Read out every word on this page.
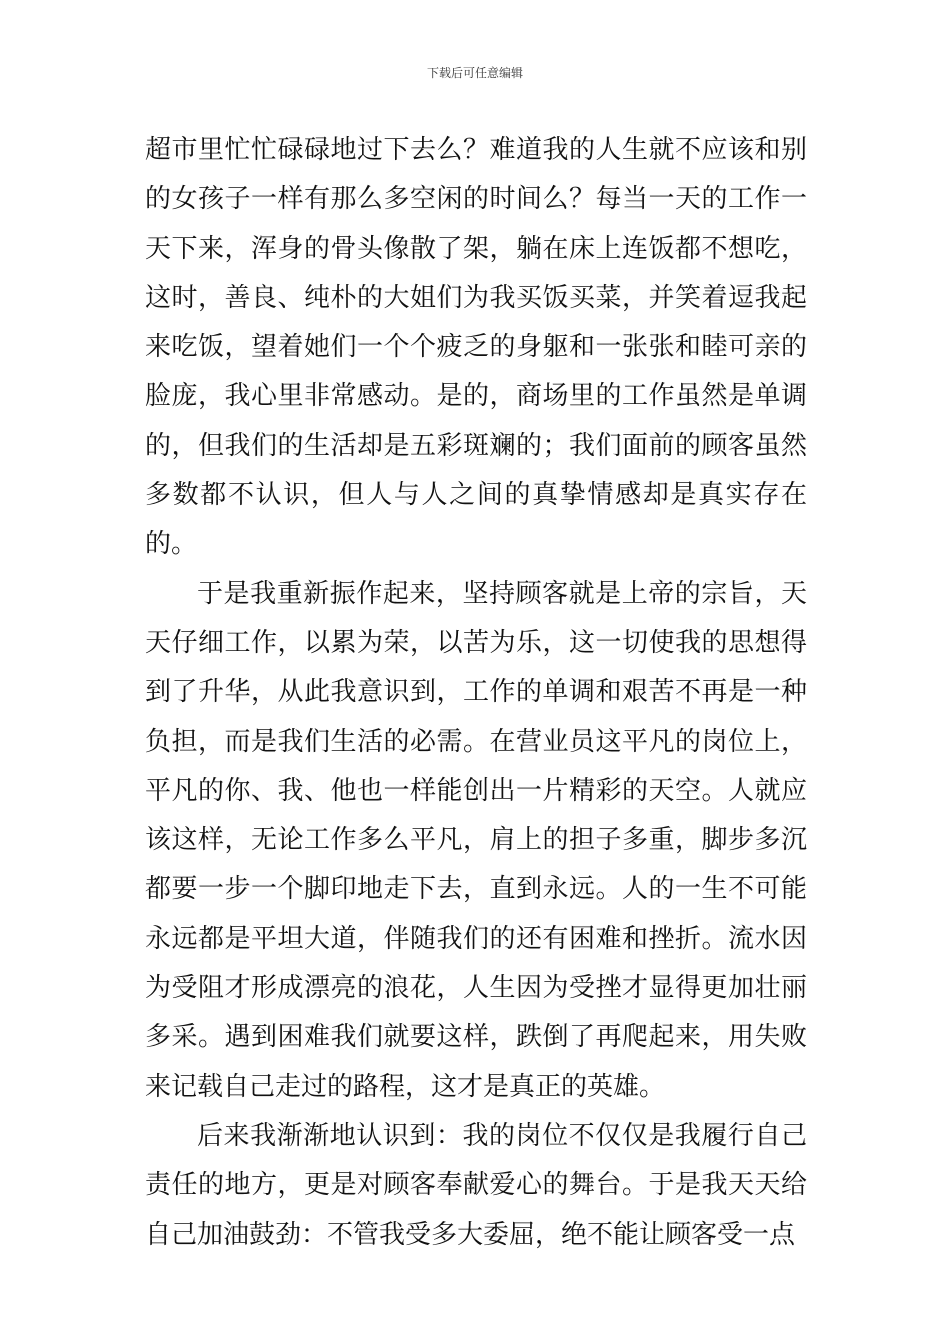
下载后可任意编辑

超市里忙忙碌碌地过下去么？难道我的人生就不应该和别的女孩子一样有那么多空闲的时间么？每当一天的工作一天下来，浑身的骨头像散了架，躺在床上连饭都不想吃，这时，善良、纯朴的大姐们为我买饭买菜，并笑着逗我起来吃饭，望着她们一个个疲乏的身躯和一张张和睦可亲的脸庞，我心里非常感动。是的，商场里的工作虽然是单调的，但我们的生活却是五彩斑斓的；我们面前的顾客虽然多数都不认识，但人与人之间的真挚情感却是真实存在的。

于是我重新振作起来，坚持顾客就是上帝的宗旨，天天仔细工作，以累为荣，以苦为乐，这一切使我的思想得到了升华，从此我意识到，工作的单调和艰苦不再是一种负担，而是我们生活的必需。在营业员这平凡的岗位上，平凡的你、我、他也一样能创出一片精彩的天空。人就应该这样，无论工作多么平凡，肩上的担子多重，脚步多沉都要一步一个脚印地走下去，直到永远。人的一生不可能永远都是平坦大道，伴随我们的还有困难和挫折。流水因为受阻才形成漂亮的浪花，人生因为受挫才显得更加壮丽多采。遇到困难我们就要这样，跌倒了再爬起来，用失败来记载自己走过的路程，这才是真正的英雄。

后来我渐渐地认识到：我的岗位不仅仅是我履行自己责任的地方，更是对顾客奉献爱心的舞台。于是我天天给自己加油鼓劲：不管我受多大委屈，绝不能让顾客受一点
